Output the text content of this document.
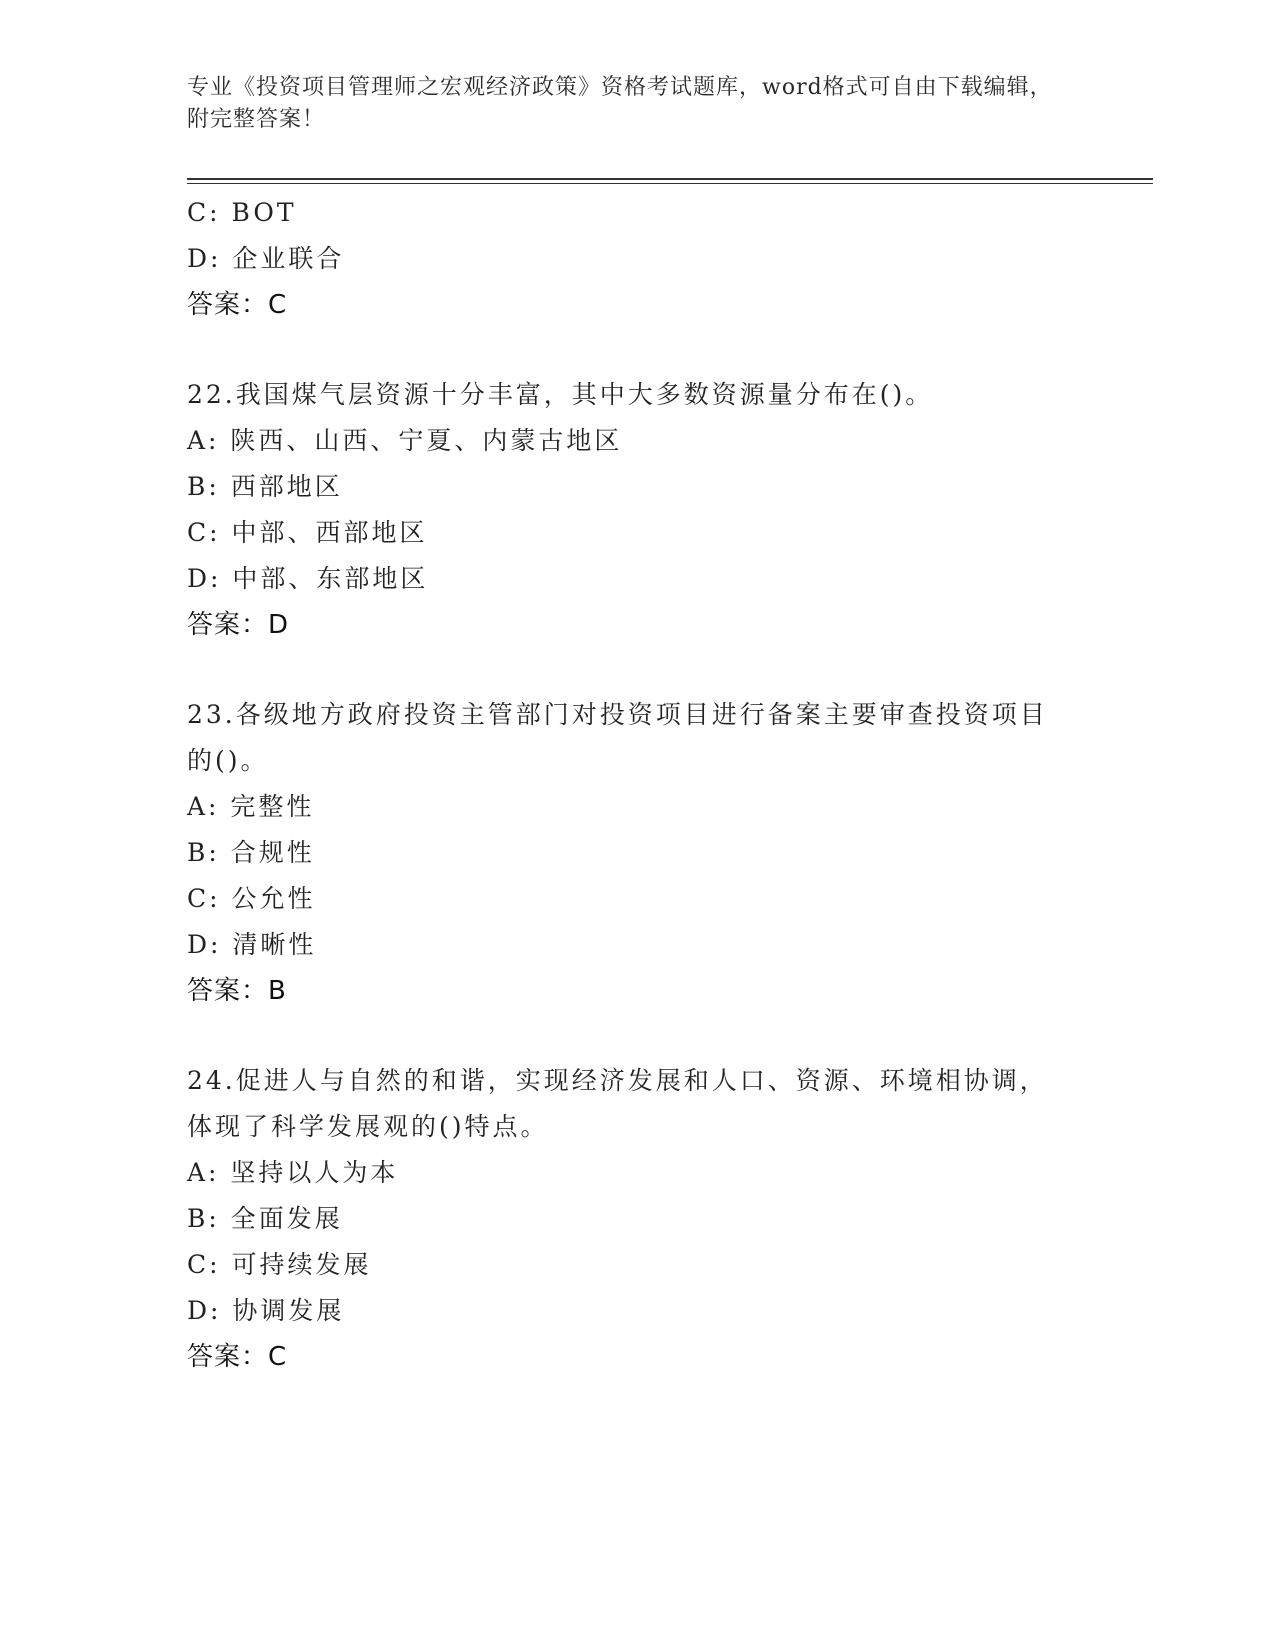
专业《投资项目管理师之宏观经济政策》资格考试题库，word格式可自由下载编辑，附完整答案！
C: BOT
D: 企业联合
答案：C
22.我国煤气层资源十分丰富，其中大多数资源量分布在()。
A: 陕西、山西、宁夏、内蒙古地区
B: 西部地区
C: 中部、西部地区
D: 中部、东部地区
答案：D
23.各级地方政府投资主管部门对投资项目进行备案主要审查投资项目的()。
A: 完整性
B: 合规性
C: 公允性
D: 清晰性
答案：B
24.促进人与自然的和谐，实现经济发展和人口、资源、环境相协调，体现了科学发展观的()特点。
A: 坚持以人为本
B: 全面发展
C: 可持续发展
D: 协调发展
答案：C
